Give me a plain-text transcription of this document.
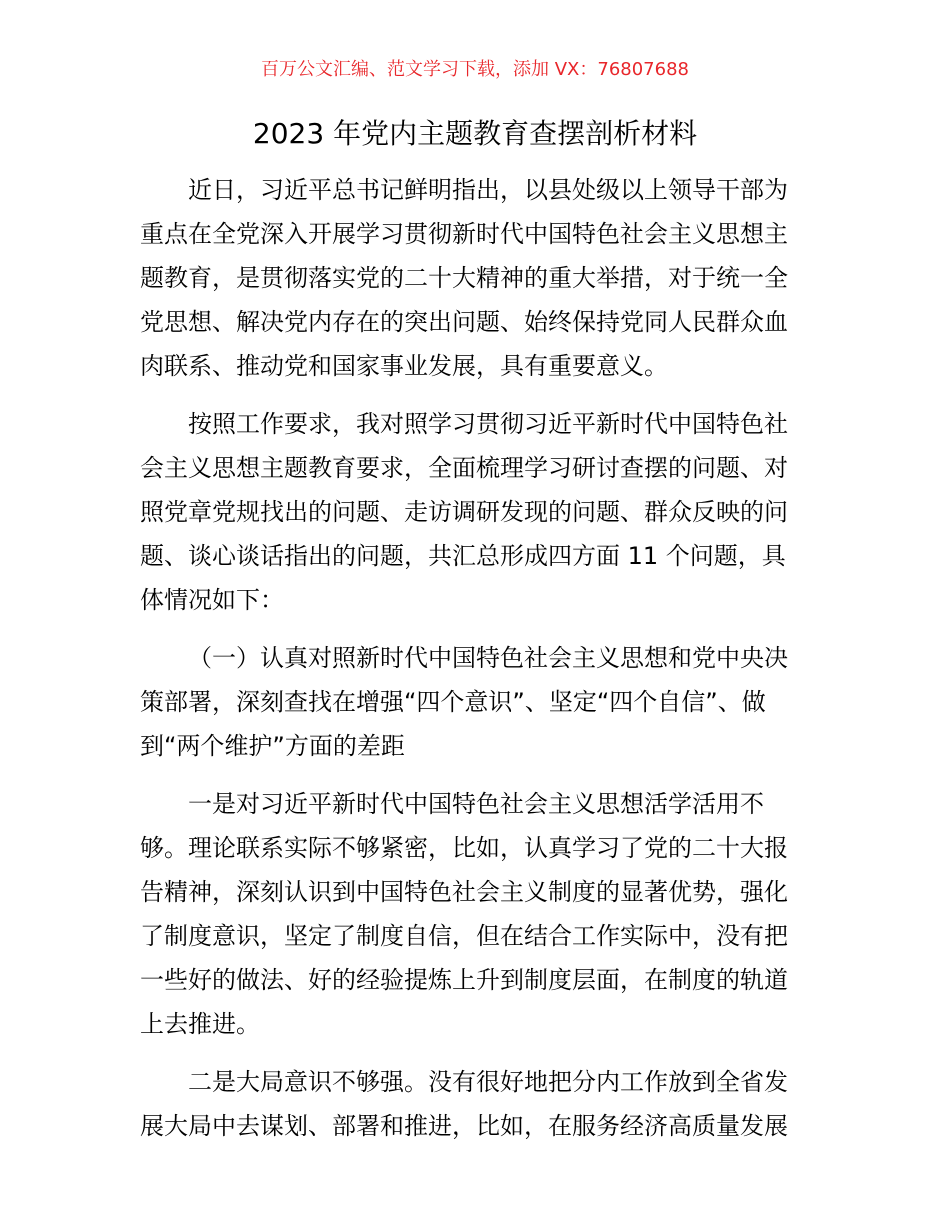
百万公文汇编、范文学习下载，添加 VX：76807688
2023 年党内主题教育查摆剖析材料
近日，习近平总书记鲜明指出，以县处级以上领导干部为
重点在全党深入开展学习贯彻新时代中国特色社会主义思想主
题教育，是贯彻落实党的二十大精神的重大举措，对于统一全
党思想、解决党内存在的突出问题、始终保持党同人民群众血
肉联系、推动党和国家事业发展，具有重要意义。
按照工作要求，我对照学习贯彻习近平新时代中国特色社
会主义思想主题教育要求，全面梳理学习研讨查摆的问题、对
照党章党规找出的问题、走访调研发现的问题、群众反映的问
题、谈心谈话指出的问题，共汇总形成四方面 11 个问题，具
体情况如下：
（一）认真对照新时代中国特色社会主义思想和党中央决
策部署，深刻查找在增强“四个意识”、坚定“四个自信”、做
到“两个维护”方面的差距
一是对习近平新时代中国特色社会主义思想活学活用不
够。理论联系实际不够紧密，比如，认真学习了党的二十大报
告精神，深刻认识到中国特色社会主义制度的显著优势，强化
了制度意识，坚定了制度自信，但在结合工作实际中，没有把
一些好的做法、好的经验提炼上升到制度层面，在制度的轨道
上去推进。
二是大局意识不够强。没有很好地把分内工作放到全省发
展大局中去谋划、部署和推进，比如，在服务经济高质量发展
